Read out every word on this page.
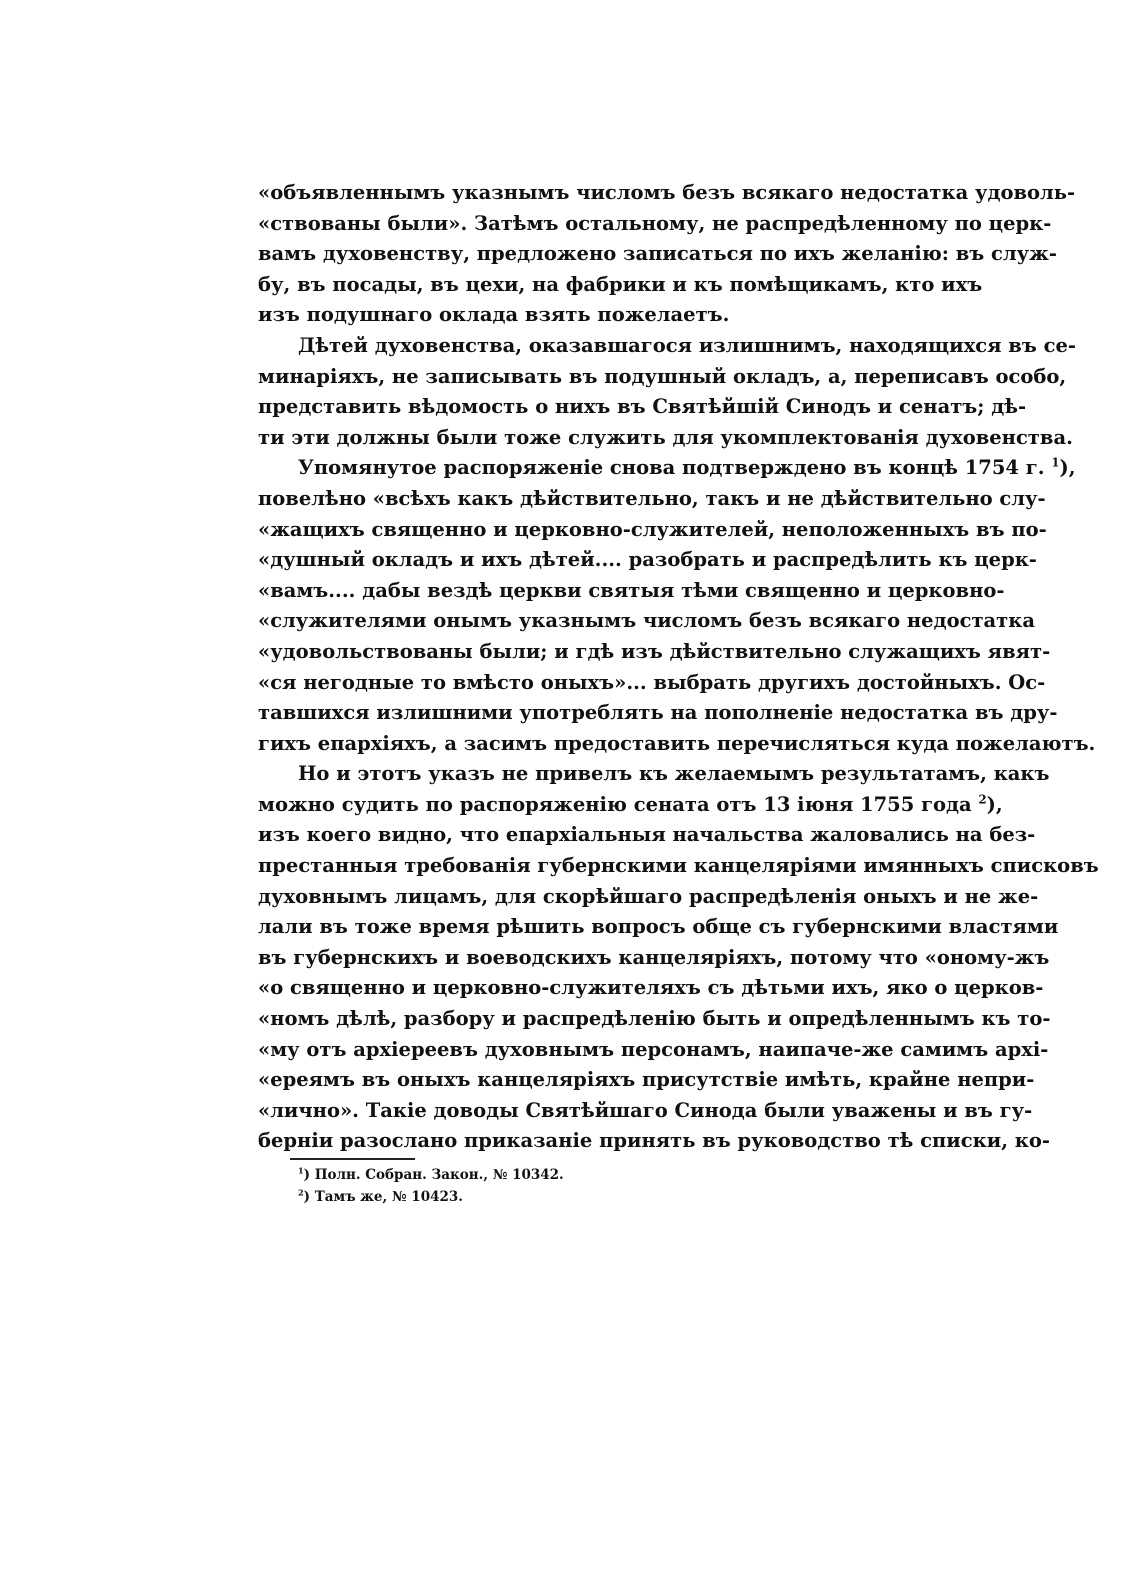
«объявленнымъ указнымъ числомъ безъ всякаго недостатка удоволь-
«ствованы были». Затѣмъ остальному, не распредѣленному по церк-
вамъ духовенству, предложено записаться по ихъ желанію: въ служ-
бу, въ посады, въ цехи, на фабрики и къ помѣщикамъ, кто ихъ
изъ подушнаго оклада взять пожелаетъ.
Дѣтей духовенства, оказавшагося излишнимъ, находящихся въ се-
минаріяхъ, не записывать въ подушный окладъ, а, переписавъ особо,
представить вѣдомость о нихъ въ Святѣйшій Синодъ и сенатъ; дѣ-
ти эти должны были тоже служить для укомплектованія духовенства.
Упомянутое распоряженіе снова подтверждено въ концѣ 1754 г. $^1$),
повелѣно «всѣхъ какъ дѣйствительно, такъ и не дѣйствительно слу-
«жащихъ священно и церковно-служителей, неположенныхъ въ по-
«душный окладъ и ихъ дѣтей.... разобрать и распредѣлить къ церк-
«вамъ.... дабы вездѣ церкви святыя тѣми священно и церковно-
«служителями онымъ указнымъ числомъ безъ всякаго недостатка
«удовольствованы были; и гдѣ изъ дѣйствительно служащихъ явят-
«ся негодные то вмѣсто оныхъ»... выбрать другихъ достойныхъ. Ос-
тавшихся излишними употреблять на пополненіе недостатка въ дру-
гихъ епархіяхъ, а засимъ предоставить перечисляться куда пожелаютъ.
Но и этотъ указъ не привелъ къ желаемымъ результатамъ, какъ
можно судить по распоряженію сената отъ 13 іюня 1755 года $^2$),
изъ коего видно, что епархіальныя начальства жаловались на без-
престанныя требованія губернскими канцеляріями имянныхъ списковъ
духовнымъ лицамъ, для скорѣйшаго распредѣленія оныхъ и не же-
лали въ тоже время рѣшить вопросъ обще съ губернскими властями
въ губернскихъ и воеводскихъ канцеляріяхъ, потому что «оному-жъ
«о священно и церковно-служителяхъ съ дѣтьми ихъ, яко о церков-
«номъ дѣлѣ, разбору и распредѣленію быть и опредѣленнымъ къ то-
«му отъ архіереевъ духовнымъ персонамъ, наипаче-же самимъ архі-
«ереямъ въ оныхъ канцеляріяхъ присутствіе имѣть, крайне непри-
«лично». Такіе доводы Святѣйшаго Синода были уважены и въ гу-
берніи разослано приказаніе принять въ руководство тѣ списки, ко-
$^1$) Полн. Собран. Закон., № 10342.
$^2$) Тамъ же, № 10423.
